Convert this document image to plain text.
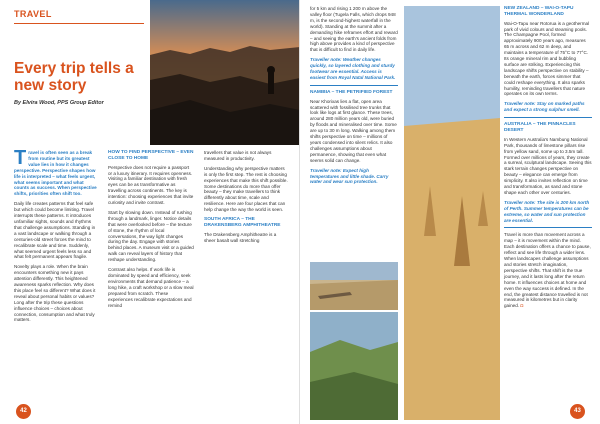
TRAVEL
Every trip tells a new story
By Elvira Wood, PPS Group Editor

Travel is often seen as a break from routine but its greatest value lies in how it changes perspective. Perspective shapes how life is interpreted – what feels urgent, what seems important and what counts as success. When perspective shifts, priorities often shift too.

Daily life creates patterns that feel safe but which could become limiting. Travel interrupts these patterns. It introduces unfamiliar sights, sounds and rhythms that challenge assumptions. Standing in a vast landscape or walking through a centuries-old street forces the mind to recalibrate scale and time. Suddenly, what seemed urgent feels less so and what felt permanent appears fragile.

Novelty plays a role. When the brain encounters something new it pays attention differently. This heightened awareness sparks reflection. Why does this place feel so different? What does it reveal about personal habits or values? Long after the trip these questions influence choices – choices about connection, consumption and what truly matters.

HOW TO FIND PERSPECTIVE – EVEN CLOSE TO HOME

Perspective does not require a passport or a luxury itinerary. It requires openness. Visiting a familiar destination with fresh eyes can be as transformative as travelling across continents. The key is intention: choosing experiences that invite curiosity and invite contrast.

Start by slowing down. Instead of rushing through a landmark, linger. Notice details that were overlooked before – the texture of stone, the rhythm of local conversations, the way light changes during the day. Engage with stories behind places. A museum visit or a guided walk can reveal layers of history that reshape understanding.

Contrast also helps. If work life is dominated by speed and efficiency, seek environments that demand patience – a long hike, a craft workshop or a slow meal prepared from scratch. These experiences recalibrate expectations and remind

travellers that value is not always measured in productivity.

Understanding why perspective matters is only the first step. The rest is choosing experiences that make this shift possible. Some destinations do more than offer beauty – they make travellers to think differently about time, scale and resilience. Here are four places that can help change the way the world is seen.

SOUTH AFRICA – THE DRAKENSBERG AMPHITHEATRE

The Drakensberg Amphitheatre is a sheer basalt wall stretching

42

for 5 km and rising 1 200 m above the valley floor (Tugela Falls, which drops 948 m, is the second-highest waterfall in the world). Standing at the summit after a demanding hike reframes effort and reward – and seeing the earth's ancient folds from high above provides a kind of perspective that is difficult to find in daily life.

Traveller note: Weather changes quickly, so layered clothing and sturdy footwear are essential. Access is easiest from Royal Natal National Park.

NAMIBIA – THE PETRIFIED FOREST

Near Khorixas lies a flat, open area scattered with fossilised tree trunks that look like logs at first glance. These trees, around 280 million years old, were buried by floods and mineralised over time. Some are up to 30 m long. Walking among them shifts perspective on time – millions of years condensed into silent relics. It also challenges assumptions about permanence, showing that even what seems solid can change.

Traveller note: Expect high temperatures and little shade. Carry water and wear sun protection.

NEW ZEALAND – WAI-O-TAPU THERMAL WONDERLAND

Wai-O-Tapu near Rotorua is a geothermal park of vivid colours and steaming pools. The Champagne Pool, formed approximately 900 years ago, measures 65 m across and 62 m deep, and maintains a temperature of 75°C to 77°C. Its orange mineral rim and bubbling surface are striking. Experiencing this landscape shifts perspective on stability – beneath the earth, forces simmer that could reshape everything. It also sparks humility, reminding travellers that nature operates on its own terms.

Traveller note: Stay on marked paths and expect a strong sulphur smell.

AUSTRALIA – THE PINNACLES DESERT

In Western Australia's Nambung National Park, thousands of limestone pillars rise from yellow sand, some up to 3.5m tall. Formed over millions of years, they create a surreal, sculptural landscape. Seeing this stark terrain changes perspective on beauty – elegance can emerge from simplicity. It also invites reflection on time and transformation, as sand and stone shape each other over centuries.

Traveller note: The site is 200 km north of Perth. Summer temperatures can be extreme, so water and sun protection are essential.

Travel is more than movement across a map – it is movement within the mind. Each destination offers a chance to pause, reflect and see life through a wider lens. When landscapes challenge assumptions and stories stretch imagination, perspective shifts. That shift is the true journey, and it lasts long after the return home. It influences choices at home and even the way success is defined. In the end, the greatest distance travelled is not measured in kilometres but in clarity gained. ◘

43
